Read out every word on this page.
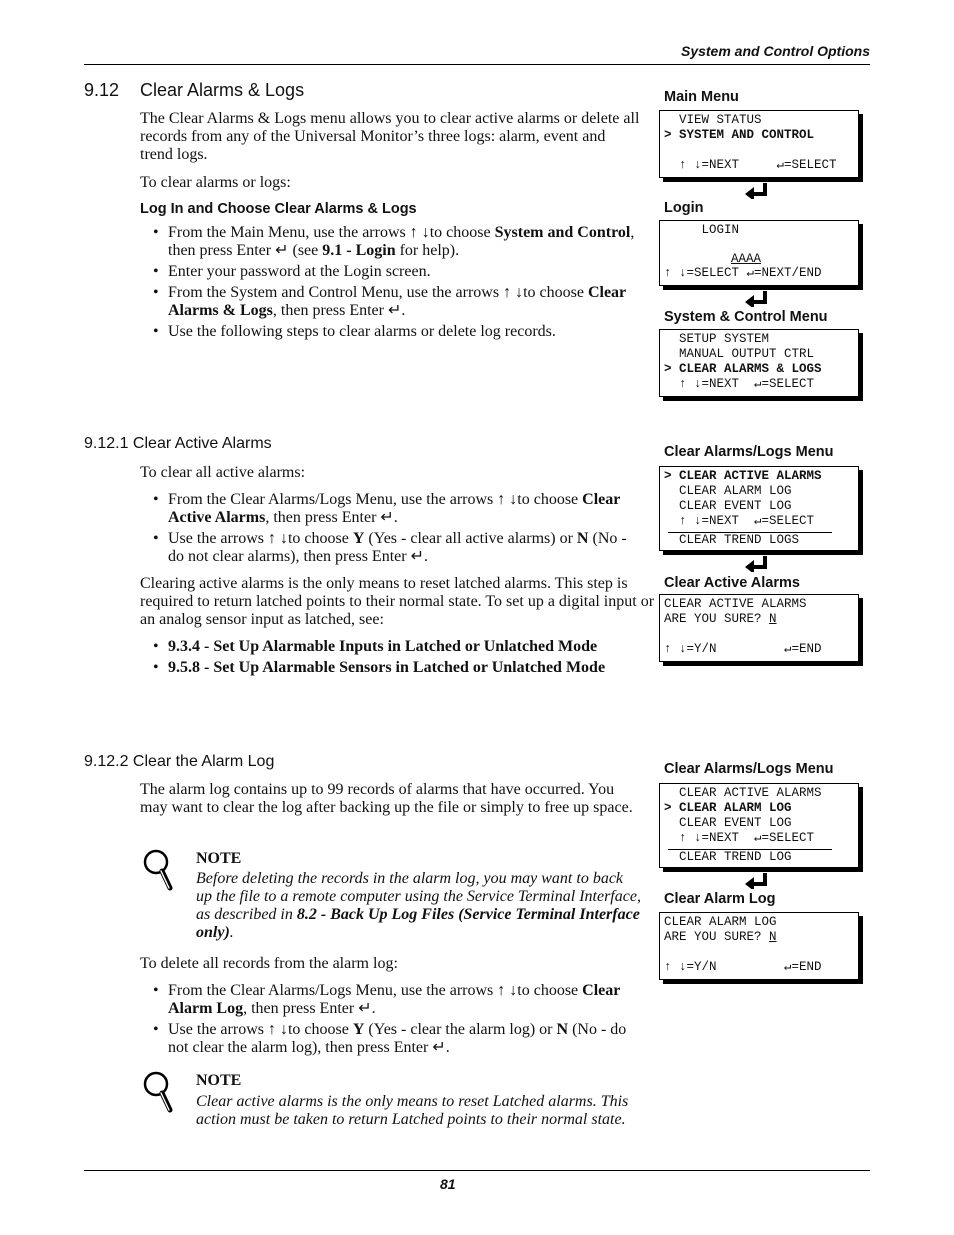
System and Control Options
9.12 Clear Alarms & Logs
The Clear Alarms & Logs menu allows you to clear active alarms or delete all records from any of the Universal Monitor’s three logs: alarm, event and trend logs.
To clear alarms or logs:
Log In and Choose Clear Alarms & Logs
• From the Main Menu, use the arrows ↑ ↓to choose System and Control, then press Enter ↵ (see 9.1 - Login for help).
• Enter your password at the Login screen.
• From the System and Control Menu, use the arrows ↑ ↓to choose Clear Alarms & Logs, then press Enter ↵.
• Use the following steps to clear alarms or delete log records.
9.12.1 Clear Active Alarms
To clear all active alarms:
• From the Clear Alarms/Logs Menu, use the arrows ↑ ↓to choose Clear Active Alarms, then press Enter ↵.
• Use the arrows ↑ ↓to choose Y (Yes - clear all active alarms) or N (No - do not clear alarms), then press Enter ↵.
Clearing active alarms is the only means to reset latched alarms. This step is required to return latched points to their normal state. To set up a digital input or an analog sensor input as latched, see:
• 9.3.4 - Set Up Alarmable Inputs in Latched or Unlatched Mode
• 9.5.8 - Set Up Alarmable Sensors in Latched or Unlatched Mode
9.12.2 Clear the Alarm Log
The alarm log contains up to 99 records of alarms that have occurred. You may want to clear the log after backing up the file or simply to free up space.
NOTE
Before deleting the records in the alarm log, you may want to back up the file to a remote computer using the Service Terminal Interface, as described in 8.2 - Back Up Log Files (Service Terminal Interface only).
To delete all records from the alarm log:
• From the Clear Alarms/Logs Menu, use the arrows ↑ ↓to choose Clear Alarm Log, then press Enter ↵.
• Use the arrows ↑ ↓to choose Y (Yes - clear the alarm log) or N (No - do not clear the alarm log), then press Enter ↵.
NOTE
Clear active alarms is the only means to reset Latched alarms. This action must be taken to return Latched points to their normal state.
Main Menu
VIEW STATUS
> SYSTEM AND CONTROL
↑ ↓=NEXT     ↵=SELECT
Login
LOGIN
AAAA
↑ ↓=SELECT ↵=NEXT/END
System & Control Menu
SETUP SYSTEM
MANUAL OUTPUT CTRL
> CLEAR ALARMS & LOGS
↑ ↓=NEXT  ↵=SELECT
Clear Alarms/Logs Menu
> CLEAR ACTIVE ALARMS
CLEAR ALARM LOG
CLEAR EVENT LOG
↑ ↓=NEXT  ↵=SELECT
CLEAR TREND LOGS
Clear Active Alarms
CLEAR ACTIVE ALARMS
ARE YOU SURE? N
↑ ↓=Y/N         ↵=END
Clear Alarms/Logs Menu
CLEAR ACTIVE ALARMS
> CLEAR ALARM LOG
CLEAR EVENT LOG
↑ ↓=NEXT  ↵=SELECT
CLEAR TREND LOG
Clear Alarm Log
CLEAR ALARM LOG
ARE YOU SURE? N
↑ ↓=Y/N         ↵=END
81
